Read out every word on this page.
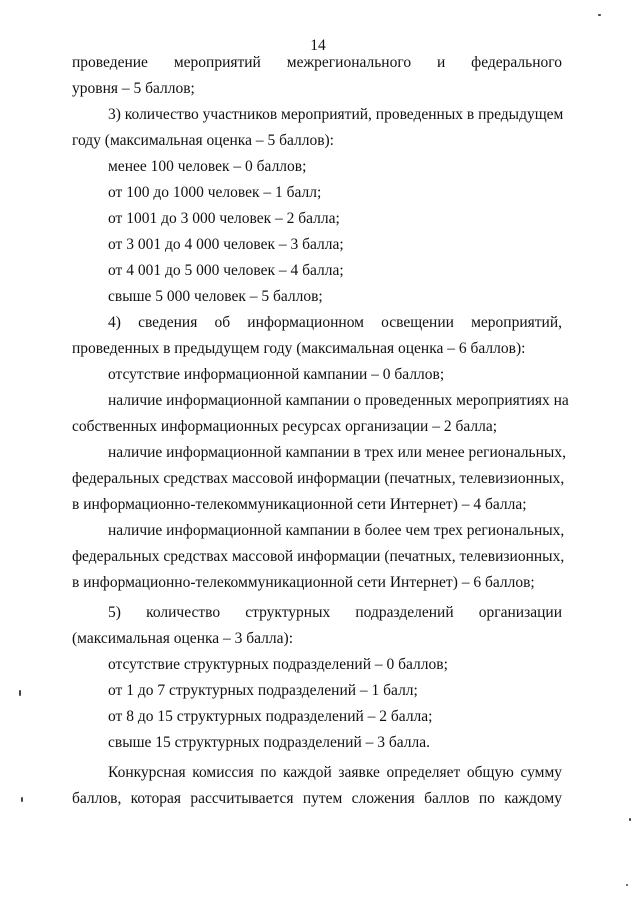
14
проведение мероприятий межрегионального и федерального
уровня – 5 баллов;
3) количество участников мероприятий, проведенных в предыдущем
году (максимальная оценка – 5 баллов):
менее 100 человек – 0 баллов;
от 100 до 1000 человек – 1 балл;
от 1001 до 3 000 человек – 2 балла;
от 3 001 до 4 000 человек – 3 балла;
от 4 001 до 5 000 человек – 4 балла;
свыше 5 000 человек – 5 баллов;
4) сведения об информационном освещении мероприятий,
проведенных в предыдущем году (максимальная оценка – 6 баллов):
отсутствие информационной кампании – 0 баллов;
наличие информационной кампании о проведенных мероприятиях на
собственных информационных ресурсах организации – 2 балла;
наличие информационной кампании в трех или менее региональных,
федеральных средствах массовой информации (печатных, телевизионных,
в информационно-телекоммуникационной сети Интернет) – 4 балла;
наличие информационной кампании в более чем трех региональных,
федеральных средствах массовой информации (печатных, телевизионных,
в информационно-телекоммуникационной сети Интернет) – 6 баллов;
5) количество структурных подразделений организации
(максимальная оценка – 3 балла):
отсутствие структурных подразделений – 0 баллов;
от 1 до 7 структурных подразделений – 1 балл;
от 8 до 15 структурных подразделений – 2 балла;
свыше 15 структурных подразделений – 3 балла.
Конкурсная комиссия по каждой заявке определяет общую сумму
баллов, которая рассчитывается путем сложения баллов по каждому
